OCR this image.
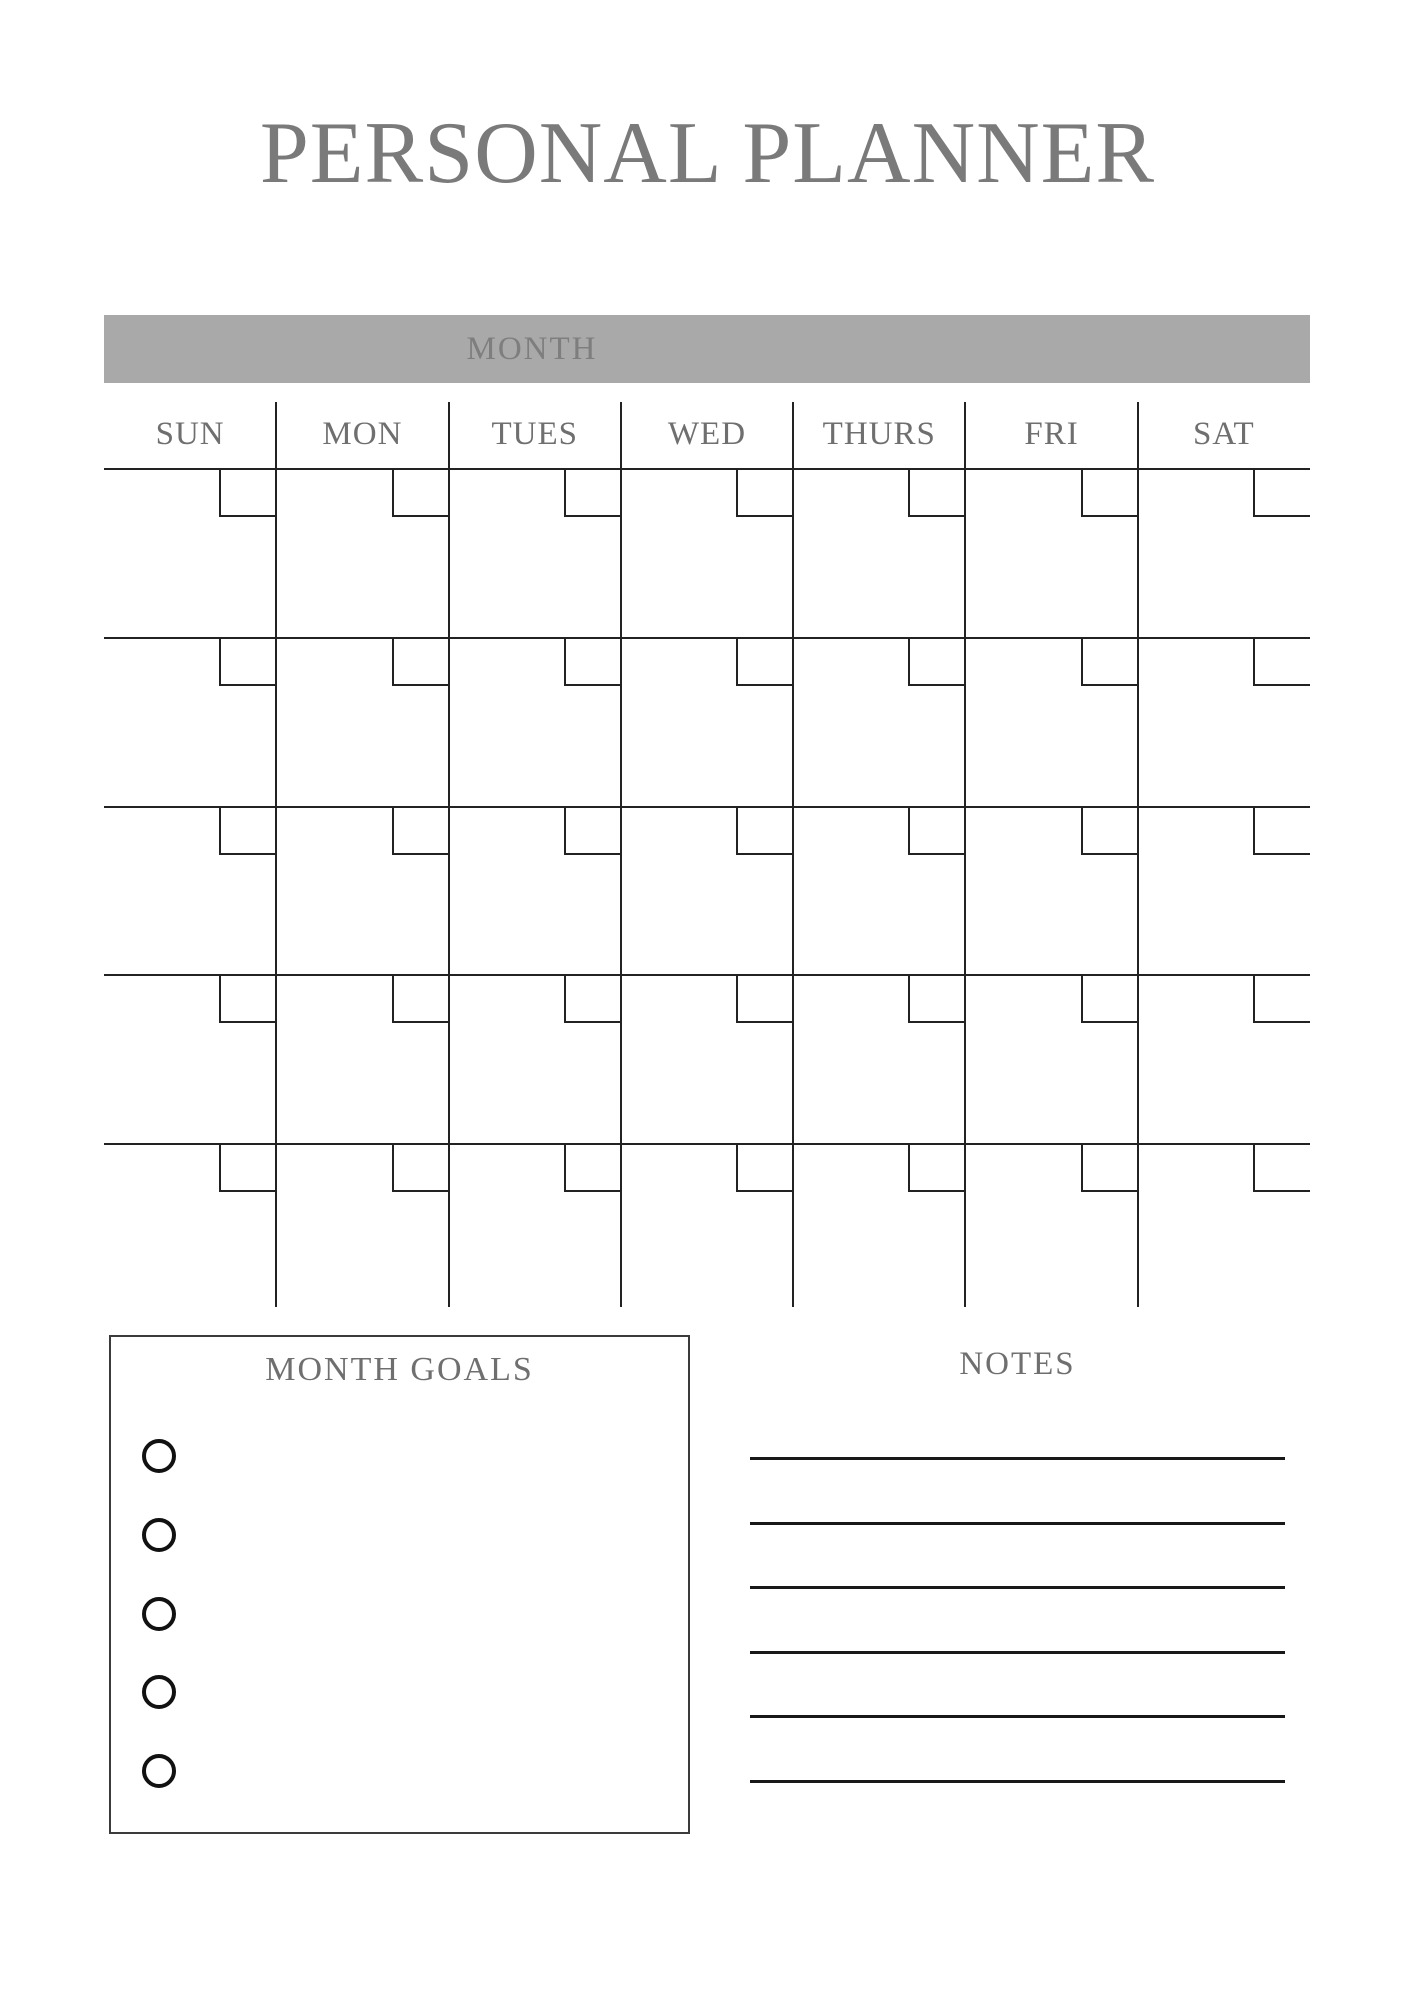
PERSONAL PLANNER
MONTH
SUN	MON	TUES	WED	THURS	FRI	SAT
MONTH GOALS	NOTES
